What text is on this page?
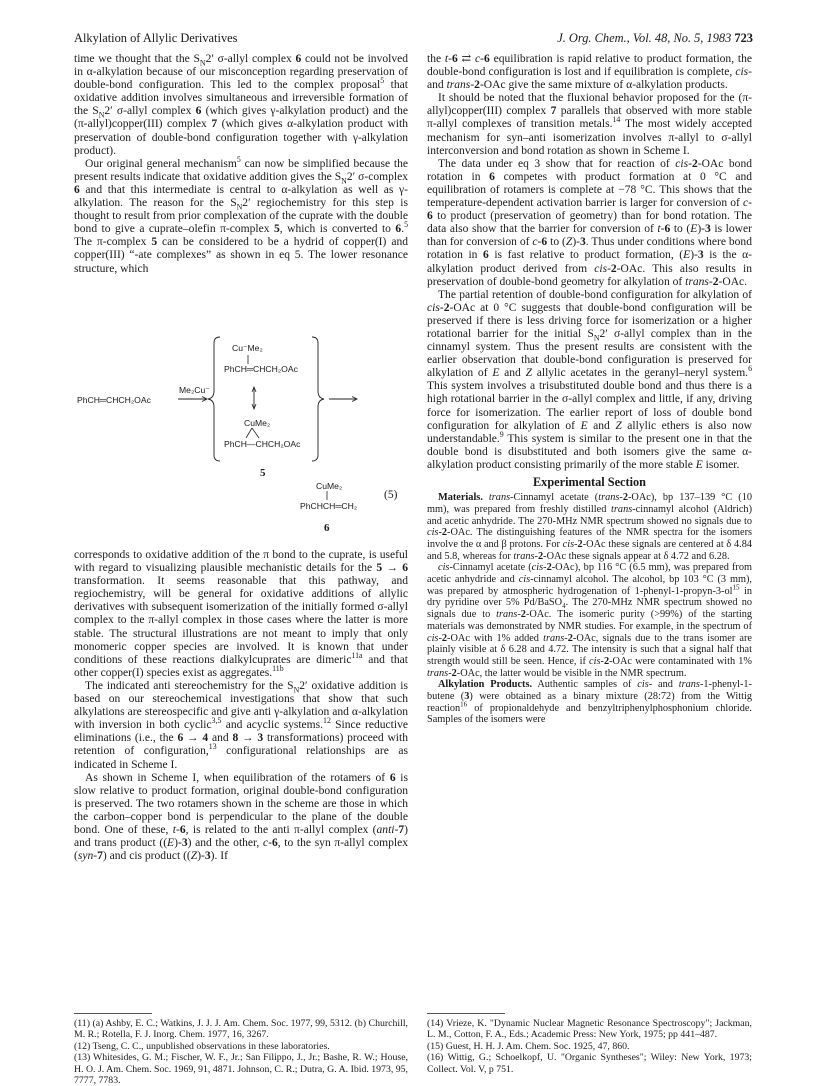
Alkylation of Allylic Derivatives	J. Org. Chem., Vol. 48, No. 5, 1983 723

time we thought that the $S_N2'$ σ-allyl complex 6 could not be involved in α-alkylation because of our misconception regarding preservation of double-bond configuration. This led to the complex proposal$^5$ that oxidative addition involves simultaneous and irreversible formation of the $S_N2'$ σ-allyl complex 6 (which gives γ-alkylation product) and the (π-allyl)copper(III) complex 7 (which gives α-alkylation product with preservation of double-bond configuration together with γ-alkylation product).

Our original general mechanism$^5$ can now be simplified because the present results indicate that oxidative addition gives the $S_N2'$ σ-complex 6 and that this intermediate is central to α-alkylation as well as γ-alkylation. The reason for the $S_N2'$ regiochemistry for this step is thought to result from prior complexation of the cuprate with the double bond to give a cuprate–olefin π-complex 5, which is converted to 6.$^5$ The π-complex 5 can be considered to be a hydrid of copper(I) and copper(III) “-ate complexes” as shown in eq 5. The lower resonance structure, which

Cu⁻Me₂
PhCH═CHCH₂OAc
Me₂Cu⁻
PhCH═CHCH₂OAc
CuMe₂
PhCH—CHCH₂OAc
5
CuMe₂
PhCHCH═CH₂
(5)
6

corresponds to oxidative addition of the π bond to the cuprate, is useful with regard to visualizing plausible mechanistic details for the 5 → 6 transformation. It seems reasonable that this pathway, and regiochemistry, will be general for oxidative additions of allylic derivatives with subsequent isomerization of the initially formed σ-allyl complex to the π-allyl complex in those cases where the latter is more stable. The structural illustrations are not meant to imply that only monomeric copper species are involved. It is known that under conditions of these reactions dialkylcuprates are dimeric$^{11a}$ and that other copper(I) species exist as aggregates.$^{11b}$

The indicated anti stereochemistry for the $S_N2'$ oxidative addition is based on our stereochemical investigations that show that such alkylations are stereospecific and give anti γ-alkylation and α-alkylation with inversion in both cyclic$^{3,5}$ and acyclic systems.$^{12}$ Since reductive eliminations (i.e., the 6 → 4 and 8 → 3 transformations) proceed with retention of configuration,$^{13}$ configurational relationships are as indicated in Scheme I.

As shown in Scheme I, when equilibration of the rotamers of 6 is slow relative to product formation, original double-bond configuration is preserved. The two rotamers shown in the scheme are those in which the carbon–copper bond is perpendicular to the plane of the double bond. One of these, t-6, is related to the anti π-allyl complex (anti-7) and trans product ((E)-3) and the other, c-6, to the syn π-allyl complex (syn-7) and cis product ((Z)-3). If

the t-6 ⇄ c-6 equilibration is rapid relative to product formation, the double-bond configuration is lost and if equilibration is complete, cis- and trans-2-OAc give the same mixture of α-alkylation products.

It should be noted that the fluxional behavior proposed for the (π-allyl)copper(III) complex 7 parallels that observed with more stable π-allyl complexes of transition metals.$^{14}$ The most widely accepted mechanism for syn–anti isomerization involves π-allyl to σ-allyl interconversion and bond rotation as shown in Scheme I.

The data under eq 3 show that for reaction of cis-2-OAc bond rotation in 6 competes with product formation at 0 °C and equilibration of rotamers is complete at −78 °C. This shows that the temperature-dependent activation barrier is larger for conversion of c-6 to product (preservation of geometry) than for bond rotation. The data also show that the barrier for conversion of t-6 to (E)-3 is lower than for conversion of c-6 to (Z)-3. Thus under conditions where bond rotation in 6 is fast relative to product formation, (E)-3 is the α-alkylation product derived from cis-2-OAc. This also results in preservation of double-bond geometry for alkylation of trans-2-OAc.

The partial retention of double-bond configuration for alkylation of cis-2-OAc at 0 °C suggests that double-bond configuration will be preserved if there is less driving force for isomerization or a higher rotational barrier for the initial $S_N2'$ σ-allyl complex than in the cinnamyl system. Thus the present results are consistent with the earlier observation that double-bond configuration is preserved for alkylation of E and Z allylic acetates in the geranyl–neryl system.$^6$ This system involves a trisubstituted double bond and thus there is a high rotational barrier in the σ-allyl complex and little, if any, driving force for isomerization. The earlier report of loss of double bond configuration for alkylation of E and Z allylic ethers is also now understandable.$^9$ This system is similar to the present one in that the double bond is disubstituted and both isomers give the same α-alkylation product consisting primarily of the more stable E isomer.

Experimental Section

Materials. trans-Cinnamyl acetate (trans-2-OAc), bp 137–139 °C (10 mm), was prepared from freshly distilled trans-cinnamyl alcohol (Aldrich) and acetic anhydride. The 270-MHz NMR spectrum showed no signals due to cis-2-OAc. The distinguishing features of the NMR spectra for the isomers involve the α and β protons. For cis-2-OAc these signals are centered at δ 4.84 and 5.8, whereas for trans-2-OAc these signals appear at δ 4.72 and 6.28.

cis-Cinnamyl acetate (cis-2-OAc), bp 116 °C (6.5 mm), was prepared from acetic anhydride and cis-cinnamyl alcohol. The alcohol, bp 103 °C (3 mm), was prepared by atmospheric hydrogenation of $1-phenyl-1-propyn-3-ol^{15}$ in dry pyridine over 5% Pd/BaSO$_4$. The 270-MHz NMR spectrum showed no signals due to trans-2-OAc. The isomeric purity (>99%) of the starting materials was demonstrated by NMR studies. For example, in the spectrum of cis-2-OAc with 1% added trans-2-OAc, signals due to the trans isomer are plainly visible at δ 6.28 and 4.72. The intensity is such that a signal half that strength would still be seen. Hence, if cis-2-OAc were contaminated with 1% trans-2-OAc, the latter would be visible in the NMR spectrum.

Alkylation Products. Authentic samples of cis- and trans-1-phenyl-1-butene (3) were obtained as a binary mixture (28:72) from the Wittig reaction$^{16}$ of propionaldehyde and benzyltriphenylphosphonium chloride. Samples of the isomers were

(11) (a) Ashby, E. C.; Watkins, J. J. J. Am. Chem. Soc. 1977, 99, 5312. (b) Churchill, M. R.; Rotella, F. J. Inorg. Chem. 1977, 16, 3267.

(12) Tseng, C. C., unpublished observations in these laboratories.

(13) Whitesides, G. M.; Fischer, W. F., Jr.; San Filippo, J., Jr.; Bashe, R. W.; House, H. O. J. Am. Chem. Soc. 1969, 91, 4871. Johnson, C. R.; Dutra, G. A. Ibid. 1973, 95, 7777, 7783.

(14) Vrieze, K. "Dynamic Nuclear Magnetic Resonance Spectroscopy"; Jackman, L. M., Cotton, F. A., Eds.; Academic Press: New York, 1975; pp 441–487.

(15) Guest, H. H. J. Am. Chem. Soc. 1925, 47, 860.

(16) Wittig, G.; Schoelkopf, U. "Organic Syntheses"; Wiley: New York, 1973; Collect. Vol. V, p 751.
